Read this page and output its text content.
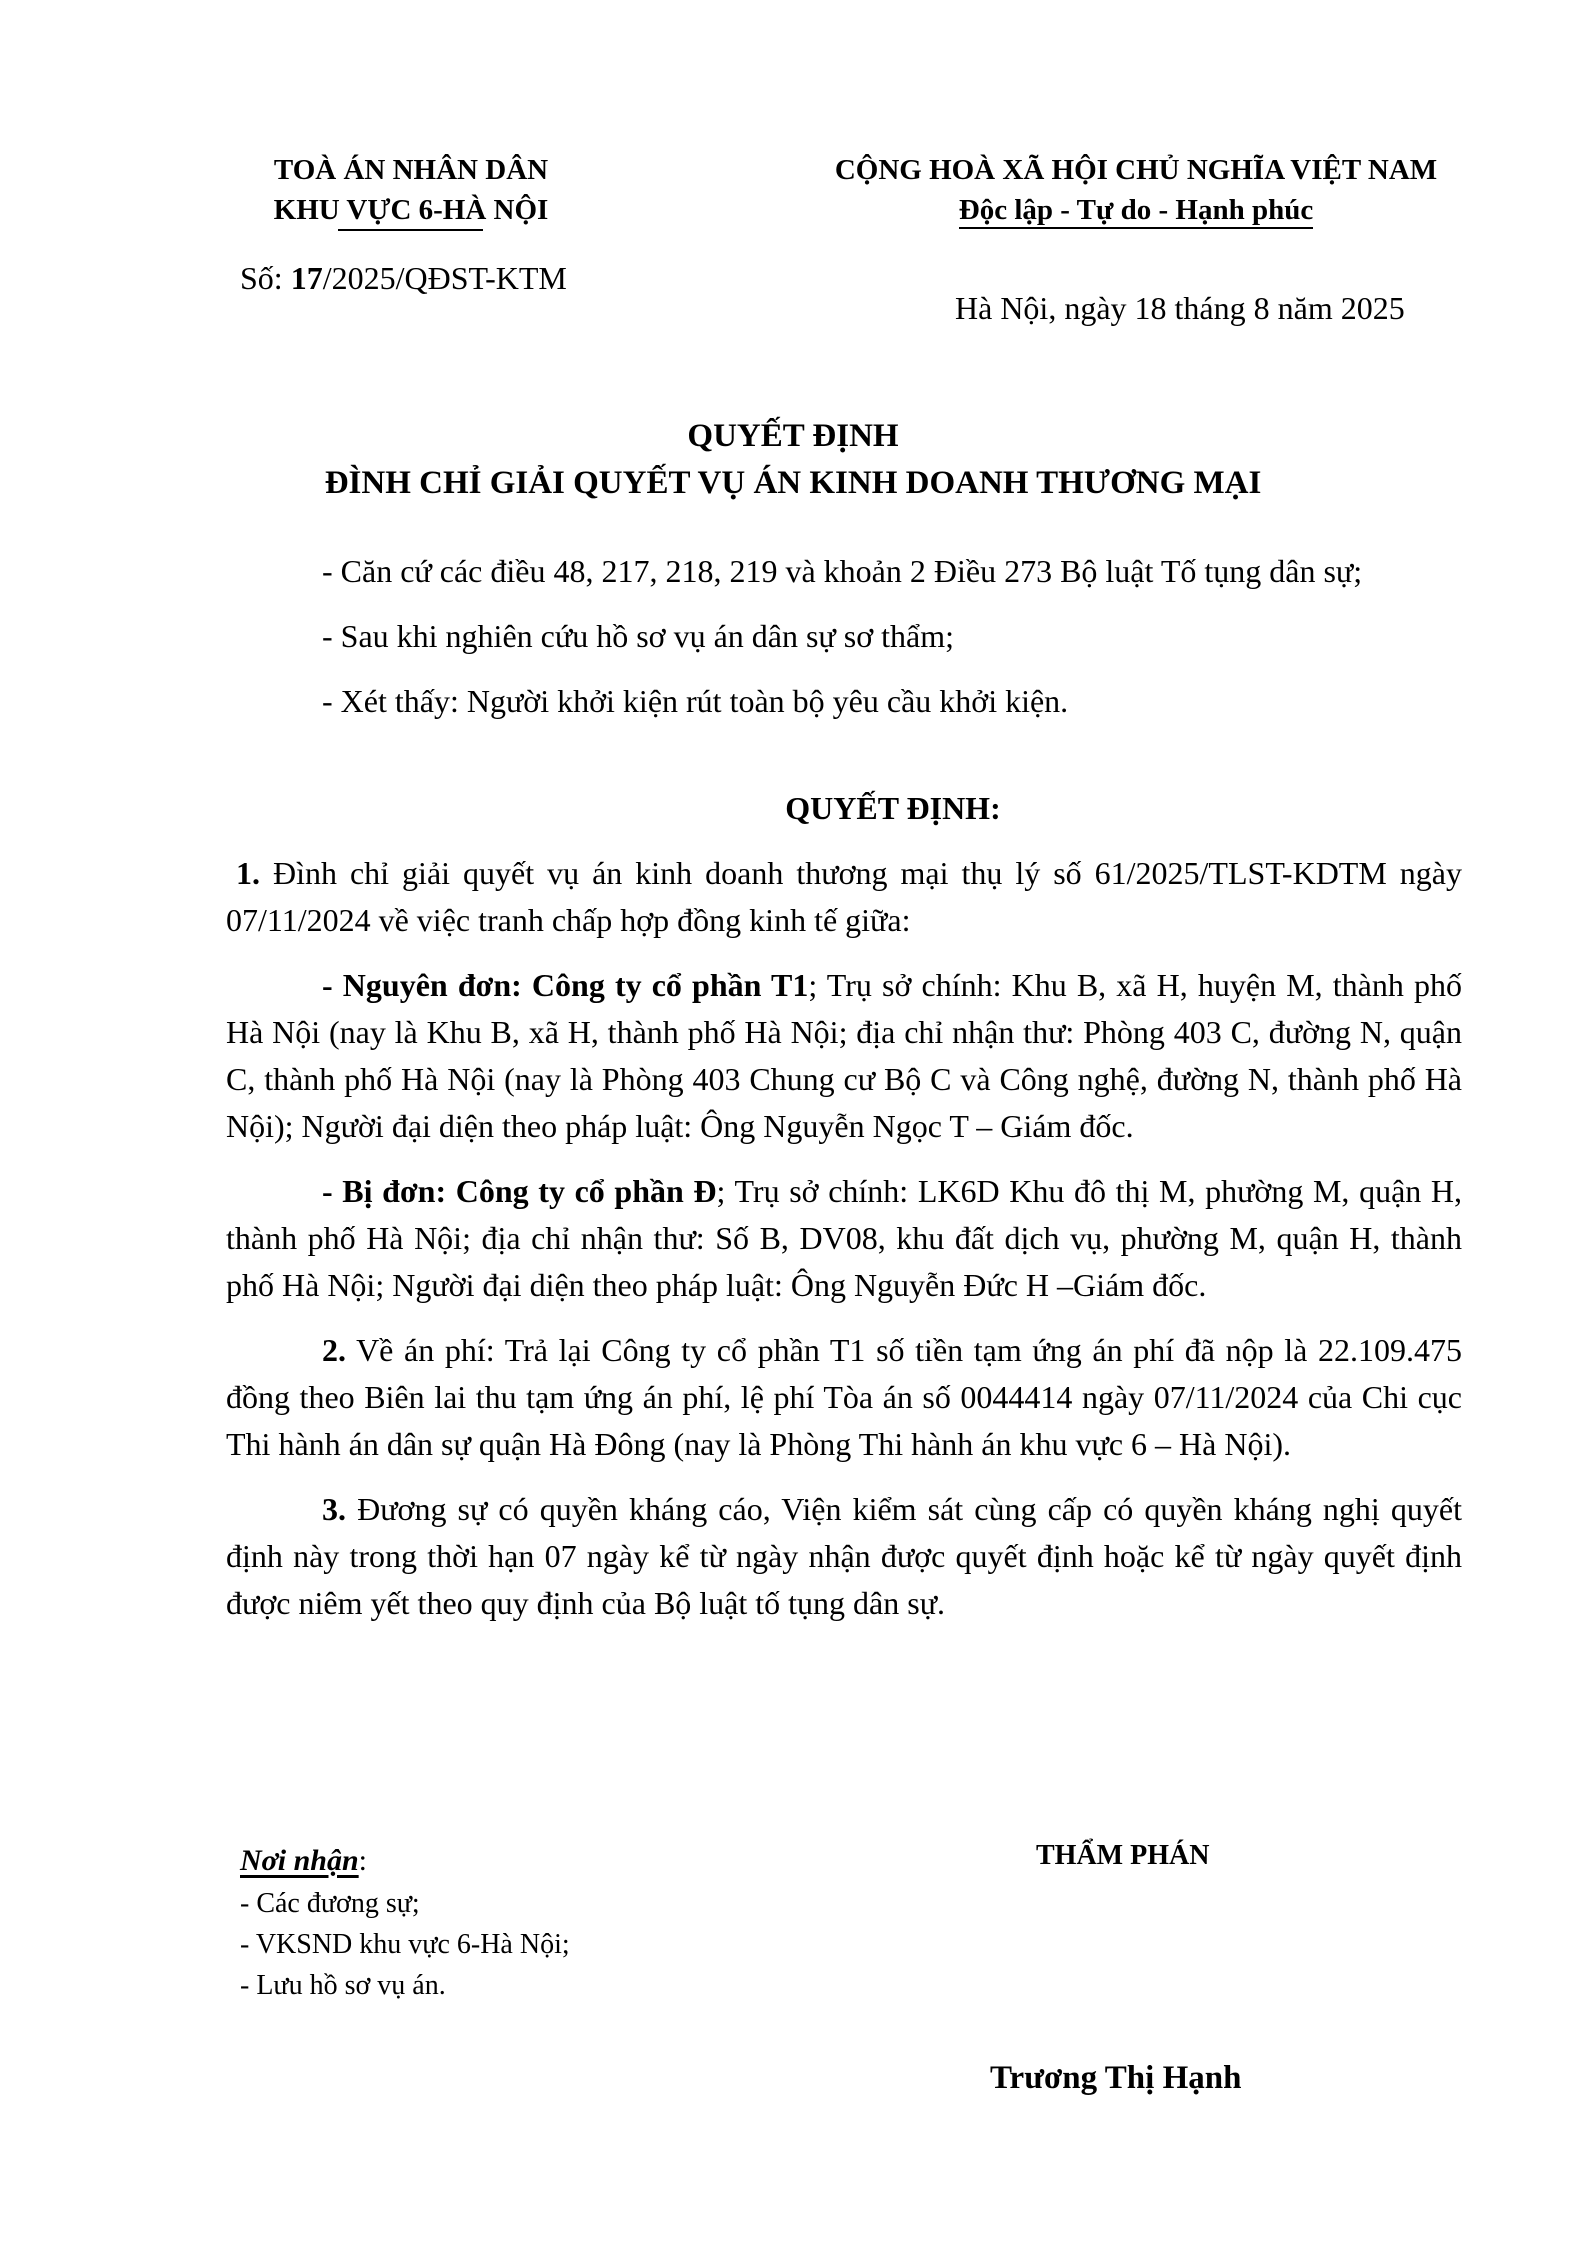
TOÀ ÁN NHÂN DÂN
KHU VỰC 6-HÀ NỘI
CỘNG HOÀ XÃ HỘI CHỦ NGHĨA VIỆT NAM
Độc lập - Tự do - Hạnh phúc
Số: 17/2025/QĐST-KTM
Hà Nội, ngày 18 tháng 8 năm 2025
QUYẾT ĐỊNH
ĐÌNH CHỈ GIẢI QUYẾT VỤ ÁN KINH DOANH THƯƠNG MẠI

- Căn cứ các điều 48, 217, 218, 219 và khoản 2 Điều 273 Bộ luật Tố tụng dân sự;

- Sau khi nghiên cứu hồ sơ vụ án dân sự sơ thẩm;

- Xét thấy: Người khởi kiện rút toàn bộ yêu cầu khởi kiện.

QUYẾT ĐỊNH:

1. Đình chỉ giải quyết vụ án kinh doanh thương mại thụ lý số 61/2025/TLST-KDTM ngày 07/11/2024 về việc tranh chấp hợp đồng kinh tế giữa:

- Nguyên đơn: Công ty cổ phần T1; Trụ sở chính: Khu B, xã H, huyện M, thành phố Hà Nội (nay là Khu B, xã H, thành phố Hà Nội; địa chỉ nhận thư: Phòng 403 C, đường N, quận C, thành phố Hà Nội (nay là Phòng 403 Chung cư Bộ C và Công nghệ, đường N, thành phố Hà Nội); Người đại diện theo pháp luật: Ông Nguyễn Ngọc T – Giám đốc.

- Bị đơn: Công ty cổ phần Đ; Trụ sở chính: LK6D Khu đô thị M, phường M, quận H, thành phố Hà Nội; địa chỉ nhận thư: Số B, DV08, khu đất dịch vụ, phường M, quận H, thành phố Hà Nội; Người đại diện theo pháp luật: Ông Nguyễn Đức H –Giám đốc.

2. Về án phí: Trả lại Công ty cổ phần T1 số tiền tạm ứng án phí đã nộp là 22.109.475 đồng theo Biên lai thu tạm ứng án phí, lệ phí Tòa án số 0044414 ngày 07/11/2024 của Chi cục Thi hành án dân sự quận Hà Đông (nay là Phòng Thi hành án khu vực 6 – Hà Nội).

3. Đương sự có quyền kháng cáo, Viện kiểm sát cùng cấp có quyền kháng nghị quyết định này trong thời hạn 07 ngày kể từ ngày nhận được quyết định hoặc kể từ ngày quyết định được niêm yết theo quy định của Bộ luật tố tụng dân sự.

Nơi nhận:
- Các đương sự;
- VKSND khu vực 6-Hà Nội;
- Lưu hồ sơ vụ án.
THẨM PHÁN
Trương Thị Hạnh
